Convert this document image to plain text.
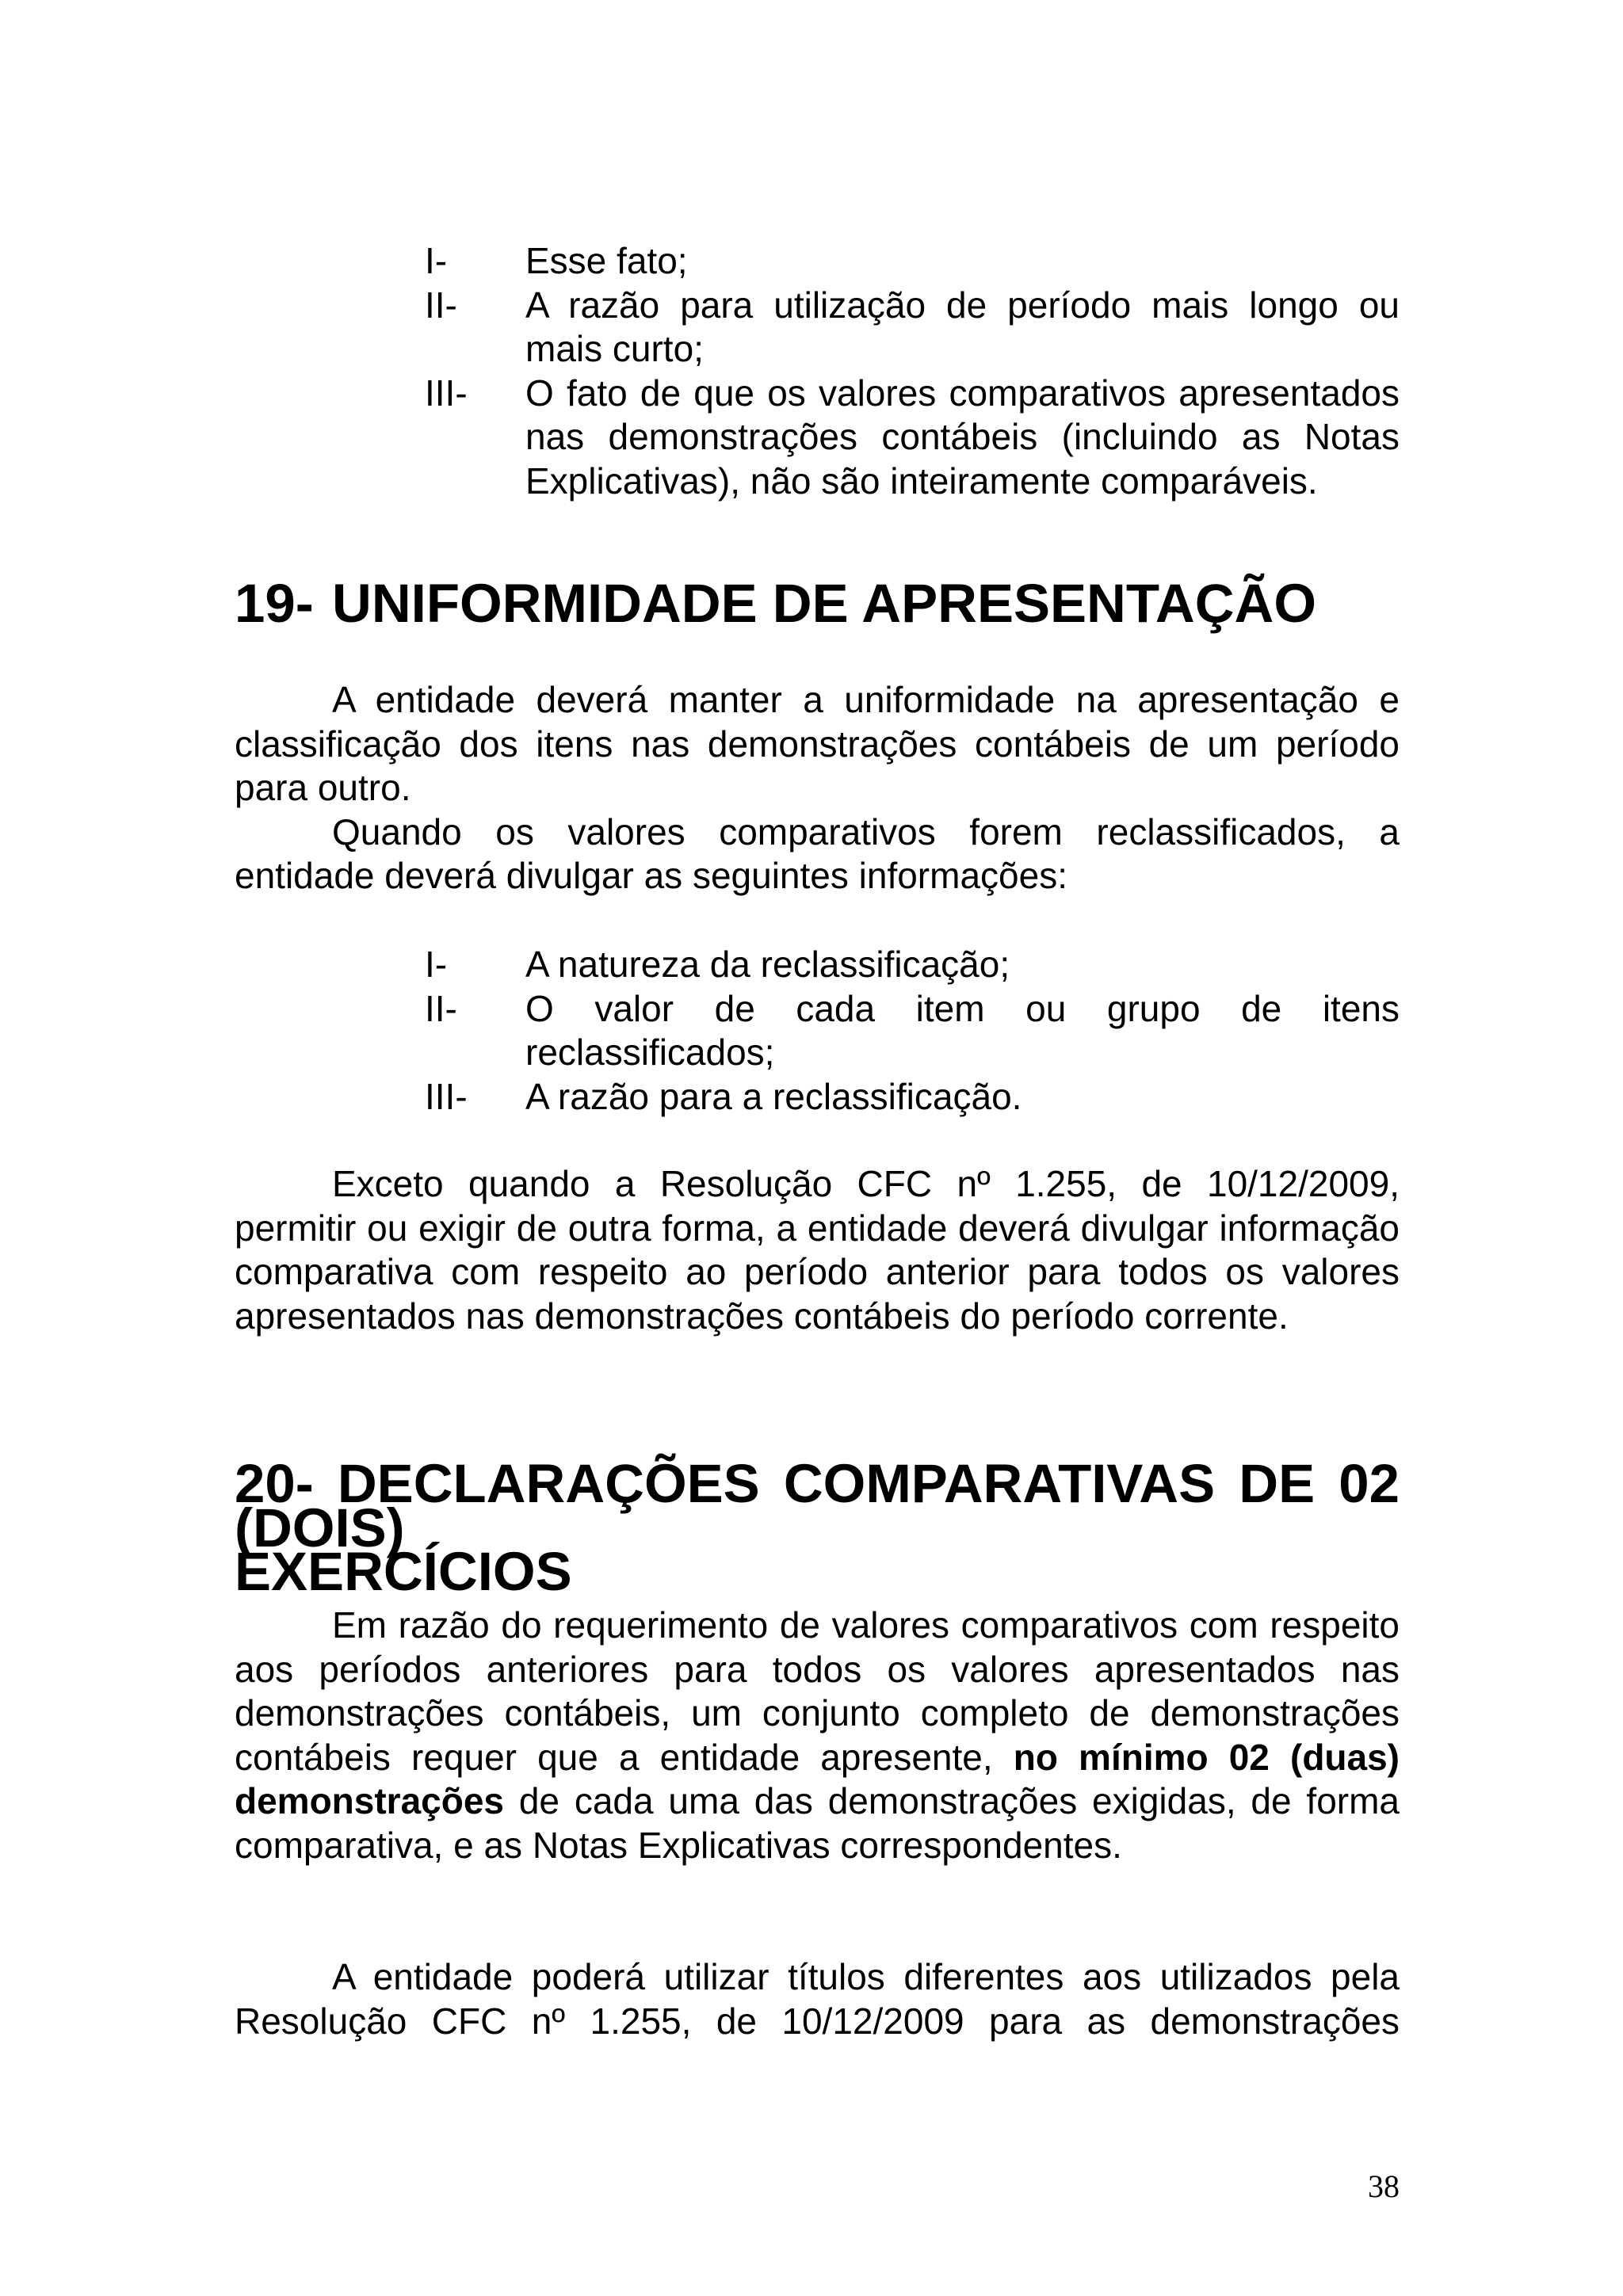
I- Esse fato;
II- A razão para utilização de período mais longo ou mais curto;
III- O fato de que os valores comparativos apresentados nas demonstrações contábeis (incluindo as Notas Explicativas), não são inteiramente comparáveis.
19- UNIFORMIDADE DE APRESENTAÇÃO

A entidade deverá manter a uniformidade na apresentação e classificação dos itens nas demonstrações contábeis de um período para outro.

Quando os valores comparativos forem reclassificados, a entidade deverá divulgar as seguintes informações:

I- A natureza da reclassificação;
II- O valor de cada item ou grupo de itens reclassificados;
III- A razão para a reclassificação.

Exceto quando a Resolução CFC nº 1.255, de 10/12/2009, permitir ou exigir de outra forma, a entidade deverá divulgar informação comparativa com respeito ao período anterior para todos os valores apresentados nas demonstrações contábeis do período corrente.

20- DECLARAÇÕES COMPARATIVAS DE 02 (DOIS)
EXERCÍCIOS

Em razão do requerimento de valores comparativos com respeito aos períodos anteriores para todos os valores apresentados nas demonstrações contábeis, um conjunto completo de demonstrações contábeis requer que a entidade apresente, no mínimo 02 (duas) demonstrações de cada uma das demonstrações exigidas, de forma comparativa, e as Notas Explicativas correspondentes.

A entidade poderá utilizar títulos diferentes aos utilizados pela Resolução CFC nº 1.255, de 10/12/2009 para as demonstrações

38
